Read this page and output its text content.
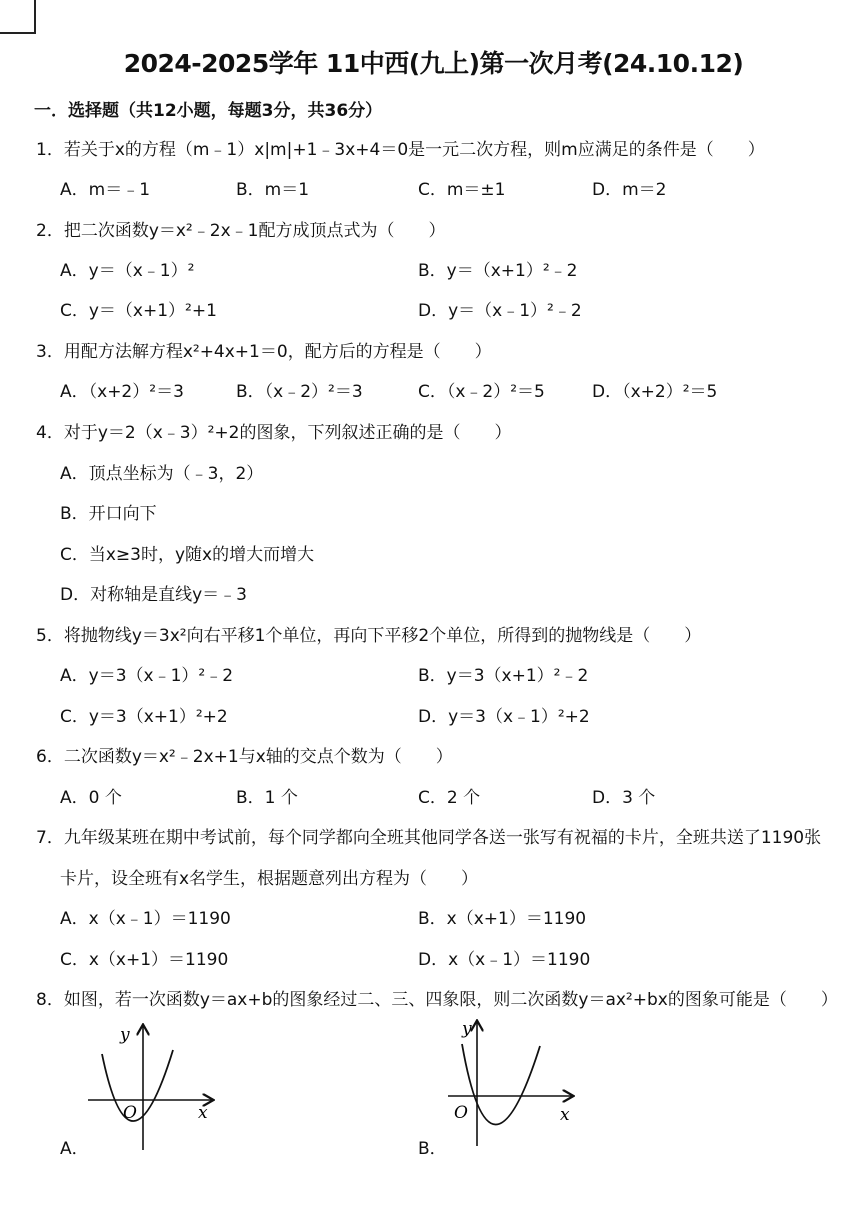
2024-2025学年 11中西(九上)第一次月考(24.10.12)
一．选择题（共12小题，每题3分，共36分）
1．若关于x的方程（m﹣1）x|m|+1﹣3x+4＝0是一元二次方程，则m应满足的条件是（　　）
A．m＝﹣1	B．m＝1	C．m＝±1	D．m＝2
2．把二次函数y＝x²﹣2x﹣1配方成顶点式为（　　）
A．y＝（x﹣1）²	B．y＝（x+1）²﹣2
C．y＝（x+1）²+1	D．y＝（x﹣1）²﹣2
3．用配方法解方程x²+4x+1＝0，配方后的方程是（　　）
A．（x+2）²＝3	B．（x﹣2）²＝3	C．（x﹣2）²＝5	D．（x+2）²＝5
4．对于y＝2（x﹣3）²+2的图象，下列叙述正确的是（　　）
A．顶点坐标为（﹣3，2）
B．开口向下
C．当x≥3时，y随x的增大而增大
D．对称轴是直线y＝﹣3
5．将抛物线y＝3x²向右平移1个单位，再向下平移2个单位，所得到的抛物线是（　　）
A．y＝3（x﹣1）²﹣2	B．y＝3（x+1）²﹣2
C．y＝3（x+1）²+2	D．y＝3（x﹣1）²+2
6．二次函数y＝x²﹣2x+1与x轴的交点个数为（　　）
A．0 个	B．1 个	C．2 个	D．3 个
7．九年级某班在期中考试前，每个同学都向全班其他同学各送一张写有祝福的卡片，全班共送了1190张
卡片，设全班有x名学生，根据题意列出方程为（　　）
A．x（x﹣1）＝1190	B．x（x+1）＝1190
C．x（x+1）＝1190	D．x（x﹣1）＝1190
8．如图，若一次函数y＝ax+b的图象经过二、三、四象限，则二次函数y＝ax²+bx的图象可能是（　　）
y
x
O
A．
y
x
O
B．
